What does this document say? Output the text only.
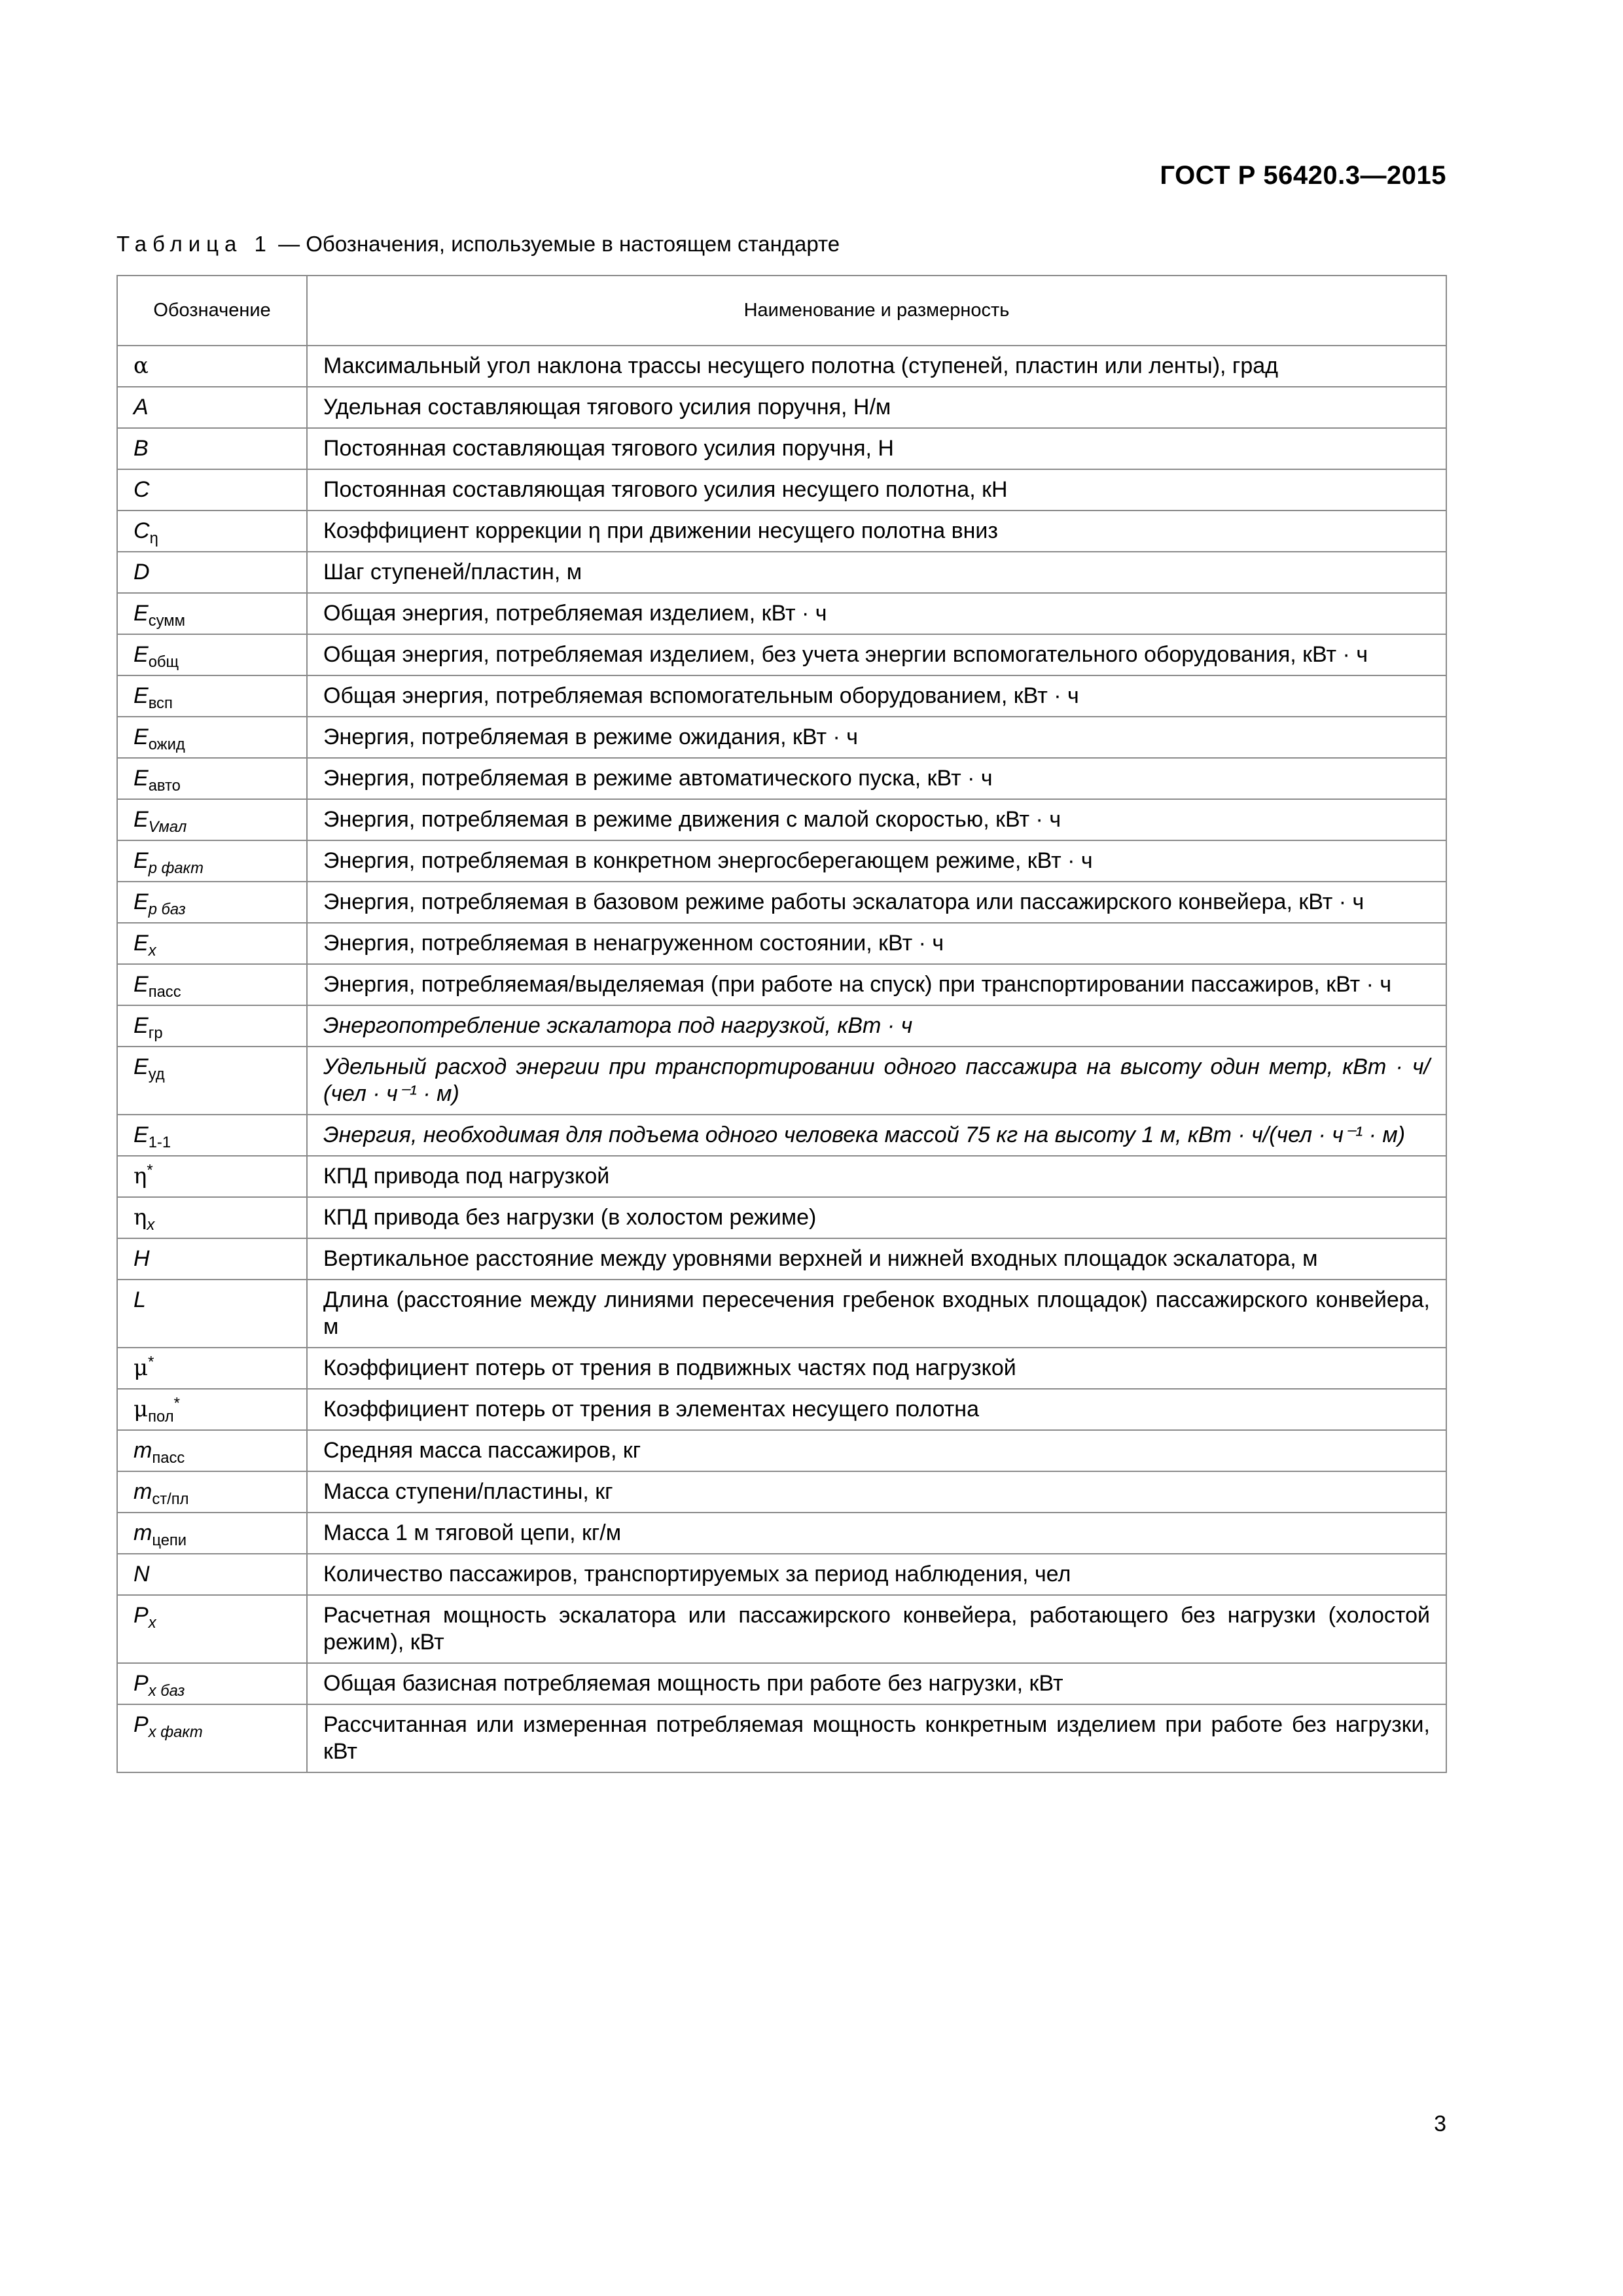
ГОСТ Р 56420.3—2015
Таблица 1 — Обозначения, используемые в настоящем стандарте
Обозначение	Наименование и размерность
α	Максимальный угол наклона трассы несущего полотна (ступеней, пластин или ленты), град
A	Удельная составляющая тягового усилия поручня, Н/м
B	Постоянная составляющая тягового усилия поручня, Н
C	Постоянная составляющая тягового усилия несущего полотна, кН
$C_\eta$	Коэффициент коррекции η при движении несущего полотна вниз
D	Шаг ступеней/пластин, м
$E_{сумм}$	Общая энергия, потребляемая изделием, кВт · ч
$E_{общ}$	Общая энергия, потребляемая изделием, без учета энергии вспомогательного оборудования, кВт · ч
$E_{всп}$	Общая энергия, потребляемая вспомогательным оборудованием, кВт · ч
$E_{ожид}$	Энергия, потребляемая в режиме ожидания, кВт · ч
$E_{авто}$	Энергия, потребляемая в режиме автоматического пуска, кВт · ч
$E_{Vмал}$	Энергия, потребляемая в режиме движения с малой скоростью, кВт · ч
$E_{p факт}$	Энергия, потребляемая в конкретном энергосберегающем режиме, кВт · ч
$E_{p баз}$	Энергия, потребляемая в базовом режиме работы эскалатора или пассажирского конвейера, кВт · ч
$E_x$	Энергия, потребляемая в ненагруженном состоянии, кВт · ч
$E_{пасс}$	Энергия, потребляемая/выделяемая (при работе на спуск) при транспортировании пассажиров, кВт · ч
$E_{гр}$	Энергопотребление эскалатора под нагрузкой, кВт · ч
$E_{уд}$	Удельный расход энергии при транспортировании одного пассажира на высоту один метр, кВт · ч/ (чел · ч⁻¹ · м)
$E_{1-1}$	Энергия, необходимая для подъема одного человека массой 75 кг на высоту 1 м, кВт · ч/(чел · ч⁻¹ · м)
η*	КПД привода под нагрузкой
$\eta_x$	КПД привода без нагрузки (в холостом режиме)
H	Вертикальное расстояние между уровнями верхней и нижней входных площадок эскалатора, м
L	Длина (расстояние между линиями пересечения гребенок входных площадок) пассажирского конвейера, м
μ*	Коэффициент потерь от трения в подвижных частях под нагрузкой
$\mu_{пол}^*$	Коэффициент потерь от трения в элементах несущего полотна
$m_{пасс}$	Средняя масса пассажиров, кг
$m_{ст/пл}$	Масса ступени/пластины, кг
$m_{цепи}$	Масса 1 м тяговой цепи, кг/м
N	Количество пассажиров, транспортируемых за период наблюдения, чел
$P_x$	Расчетная мощность эскалатора или пассажирского конвейера, работающего без нагрузки (холостой режим), кВт
$P_{x баз}$	Общая базисная потребляемая мощность при работе без нагрузки, кВт
$P_{x факт}$	Рассчитанная или измеренная потребляемая мощность конкретным изделием при работе без нагрузки, кВт
3
